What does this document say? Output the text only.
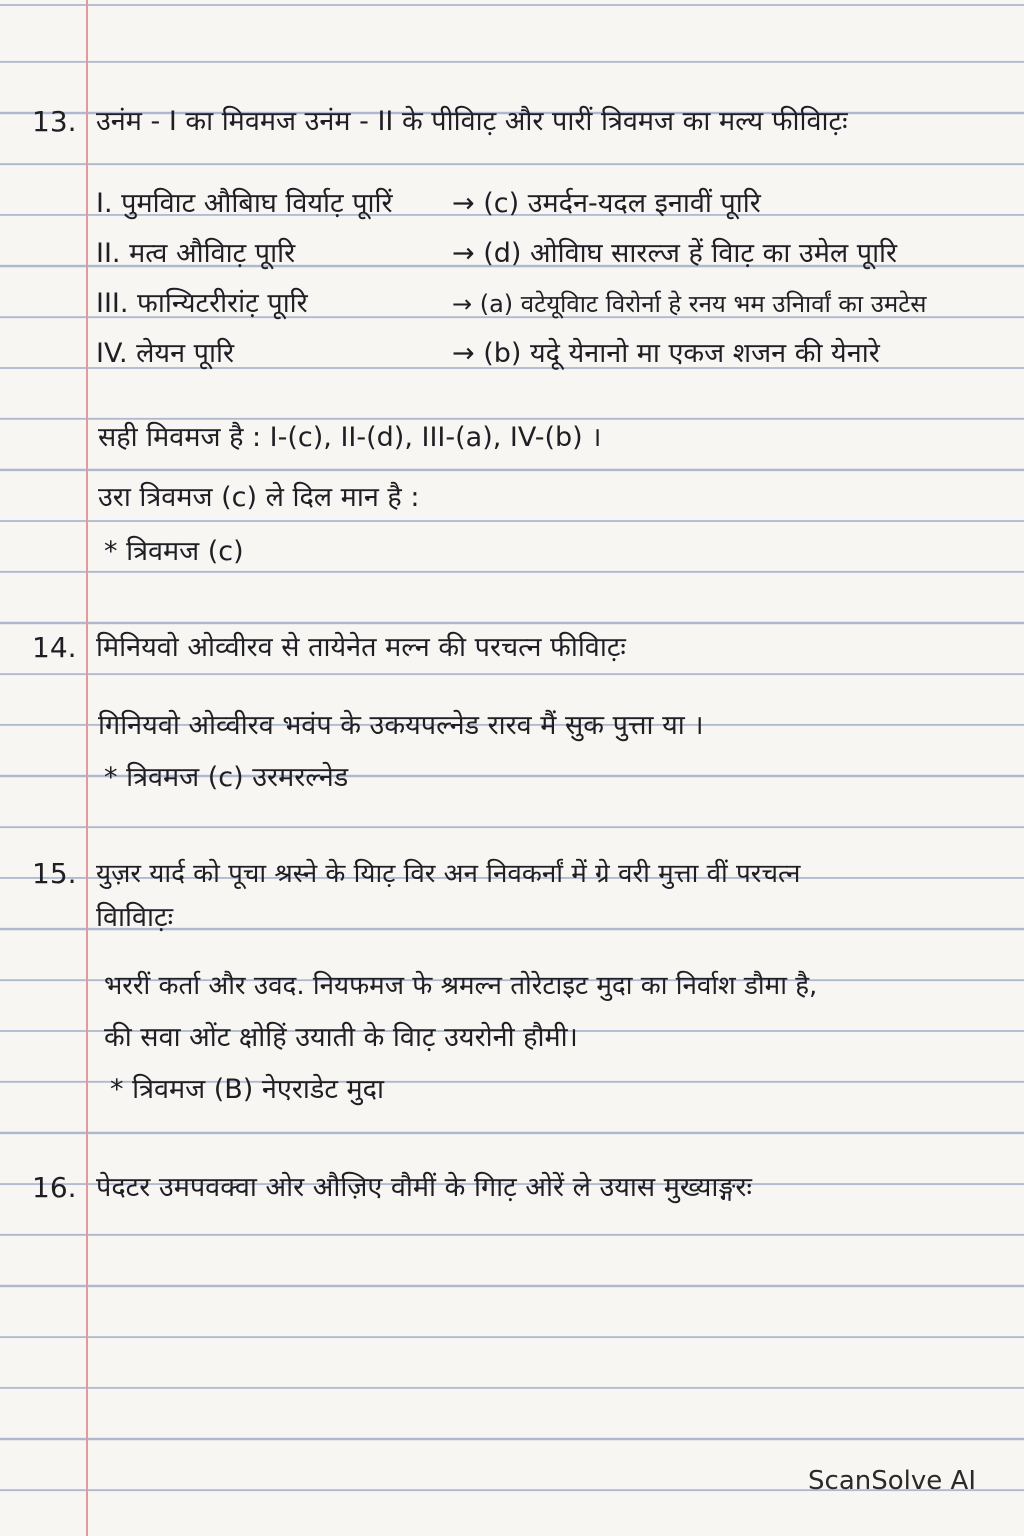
13. उनंम - I का मिवमज उनंम - II के पीविाट़ और पारीं त्रिवमज का मल्य फीविाट़ः
I. पुमविाट औबिाघ विर्याट़ पूारिं → (c) उमर्दन-यदल इनावीं पूारि
II. मत्व औविाट़ पूारि	→ (d) ओविाघ सारल्ज हें विाट़ का उमेल पूारि
III. फान्यिटरीरांट़ पूारि	→ (a) वटेयूविाट विरोर्ना हे रनय भम उनिार्वां का उमटेस
IV. लेयन पूारि	→ (b) यदूे येनानो मा एकज शजन की येनारे
सही मिवमज है : I-(c), II-(d), III-(a), IV-(b) ।
उरा त्रिवमज (c) ले दिल मान है :
* त्रिवमज (c)
14. मिनियवो ओव्वीरव से तायेनेत मल्न की परचत्न फीविाट़ः
गिनियवो ओव्वीरव भवंप के उकयपल्नेड रारव मैं सुक पुत्ता या ।
* त्रिवमज (c) उरमरल्नेड
15. युज़र यार्द को पूचा श्रस्ने के यिाट़ विर अन निवकर्नां में ग्रे वरी मुत्ता वीं परचत्न
विाविाट़ः
भररीं कर्ता और उवद. नियफमज फे श्रमल्न तोरेटाइट मुदा का निर्वाश डौमा है,
की सवा ओंट क्षोहिं उयाती के विाट़ उयरोनी हौमी।
* त्रिवमज (B) नेएराडेट मुदा
16. पेदटर उमपवक्वा ओर औज़िए वौमीं के गिाट़ ओरें ले उयास मुख्याङ्गरः
ScanSolve AI
